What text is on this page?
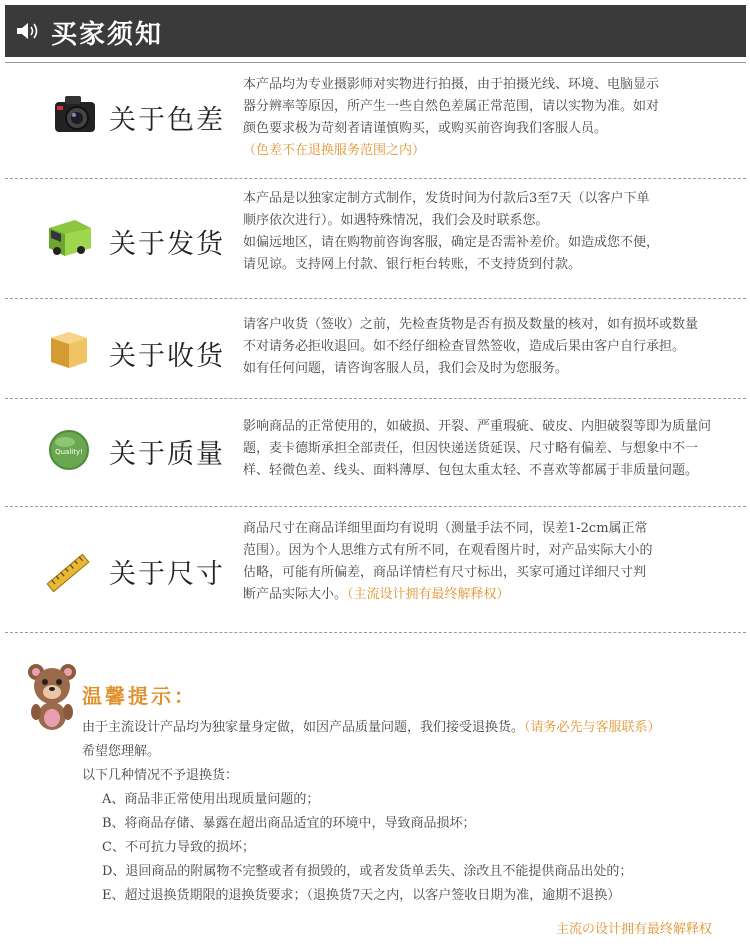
买家须知
关于色差

本产品均为专业摄影师对实物进行拍摄，由于拍摄光线、环境、电脑显示

器分辨率等原因，所产生一些自然色差属正常范围，请以实物为准。如对

颜色要求极为苛刻者请谨慎购买，或购买前咨询我们客服人员。

（色差不在退换服务范围之内）

关于发货

本产品是以独家定制方式制作，发货时间为付款后3至7天（以客户下单

顺序依次进行）。如遇特殊情况，我们会及时联系您。

如偏远地区，请在购物前咨询客服，确定是否需补差价。如造成您不便，

请见谅。支持网上付款、银行柜台转账，不支持货到付款。

关于收货

请客户收货（签收）之前，先检查货物是否有损及数量的核对，如有损坏或数量

不对请务必拒收退回。如不经仔细检查冒然签收，造成后果由客户自行承担。

如有任何问题，请咨询客服人员，我们会及时为您服务。

Quality! 关于质量

影响商品的正常使用的，如破损、开裂、严重瑕疵、破皮、内胆破裂等即为质量问

题，麦卡德斯承担全部责任，但因快递送货延误、尺寸略有偏差、与想象中不一

样、轻微色差、线头、面料薄厚、包包太重太轻、不喜欢等都属于非质量问题。

关于尺寸

商品尺寸在商品详细里面均有说明（测量手法不同，误差1-2cm属正常

范围）。因为个人思维方式有所不同，在观看图片时，对产品实际大小的

估略，可能有所偏差，商品详情栏有尺寸标出，买家可通过详细尺寸判

断产品实际大小。（主流设计拥有最终解释权）

温馨提示：

由于主流设计产品均为独家量身定做，如因产品质量问题，我们接受退换货。（请务必先与客服联系）

希望您理解。

以下几种情况不予退换货：

A、商品非正常使用出现质量问题的；

B、将商品存储、暴露在超出商品适宜的环境中，导致商品损坏；

C、不可抗力导致的损坏；

D、退回商品的附属物不完整或者有损毁的，或者发货单丢失、涂改且不能提供商品出处的；

E、超过退换货期限的退换货要求；（退换货7天之内，以客户签收日期为准，逾期不退换）

主流の设计拥有最终解释权
